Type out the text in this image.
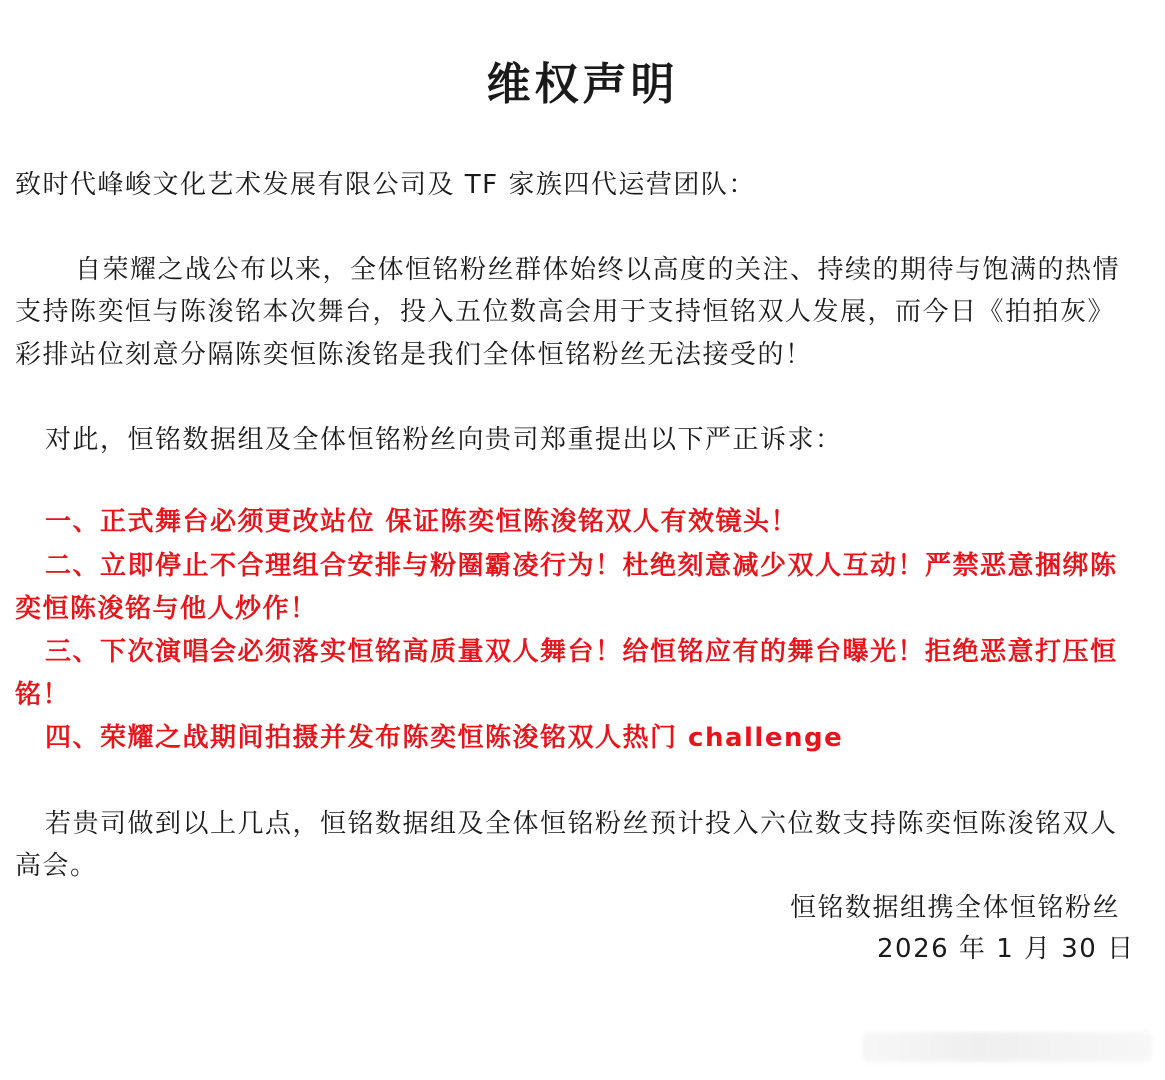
维权声明
致时代峰峻文化艺术发展有限公司及 TF 家族四代运营团队：
自荣耀之战公布以来，全体恒铭粉丝群体始终以高度的关注、持续的期待与饱满的热情
支持陈奕恒与陈浚铭本次舞台，投入五位数高会用于支持恒铭双人发展，而今日《拍拍灰》
彩排站位刻意分隔陈奕恒陈浚铭是我们全体恒铭粉丝无法接受的！
对此，恒铭数据组及全体恒铭粉丝向贵司郑重提出以下严正诉求：
一、正式舞台必须更改站位 保证陈奕恒陈浚铭双人有效镜头！
二、立即停止不合理组合安排与粉圈霸凌行为！杜绝刻意减少双人互动！严禁恶意捆绑陈
奕恒陈浚铭与他人炒作！
三、下次演唱会必须落实恒铭高质量双人舞台！给恒铭应有的舞台曝光！拒绝恶意打压恒
铭！
四、荣耀之战期间拍摄并发布陈奕恒陈浚铭双人热门 challenge
若贵司做到以上几点，恒铭数据组及全体恒铭粉丝预计投入六位数支持陈奕恒陈浚铭双人
高会。
恒铭数据组携全体恒铭粉丝
2026 年 1 月 30 日
